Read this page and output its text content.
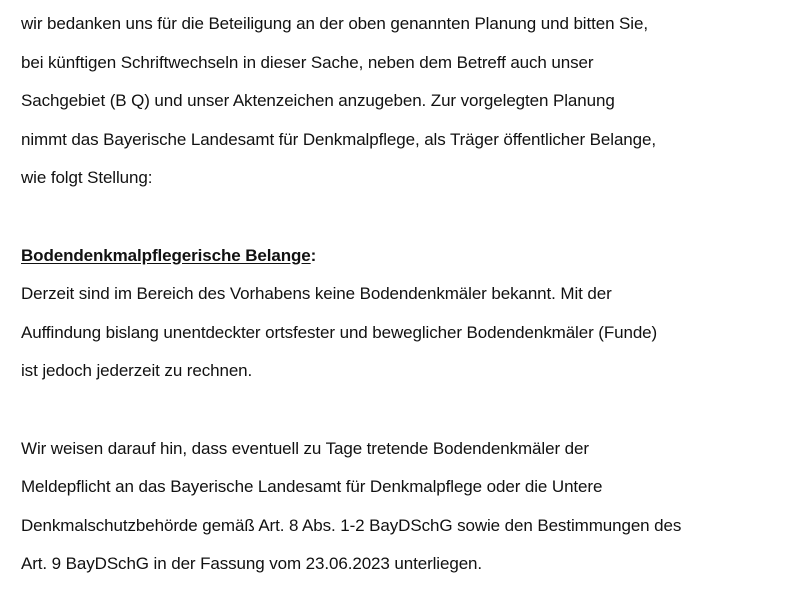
wir bedanken uns für die Beteiligung an der oben genannten Planung und bitten Sie,
bei künftigen Schriftwechseln in dieser Sache, neben dem Betreff auch unser
Sachgebiet (B Q) und unser Aktenzeichen anzugeben. Zur vorgelegten Planung
nimmt das Bayerische Landesamt für Denkmalpflege, als Träger öffentlicher Belange,
wie folgt Stellung:

Bodendenkmalpflegerische Belange:

Derzeit sind im Bereich des Vorhabens keine Bodendenkmäler bekannt. Mit der
Auffindung bislang unentdeckter ortsfester und beweglicher Bodendenkmäler (Funde)
ist jedoch jederzeit zu rechnen.

Wir weisen darauf hin, dass eventuell zu Tage tretende Bodendenkmäler der
Meldepflicht an das Bayerische Landesamt für Denkmalpflege oder die Untere
Denkmalschutzbehörde gemäß Art. 8 Abs. 1-2 BayDSchG sowie den Bestimmungen des
Art. 9 BayDSchG in der Fassung vom 23.06.2023 unterliegen.
